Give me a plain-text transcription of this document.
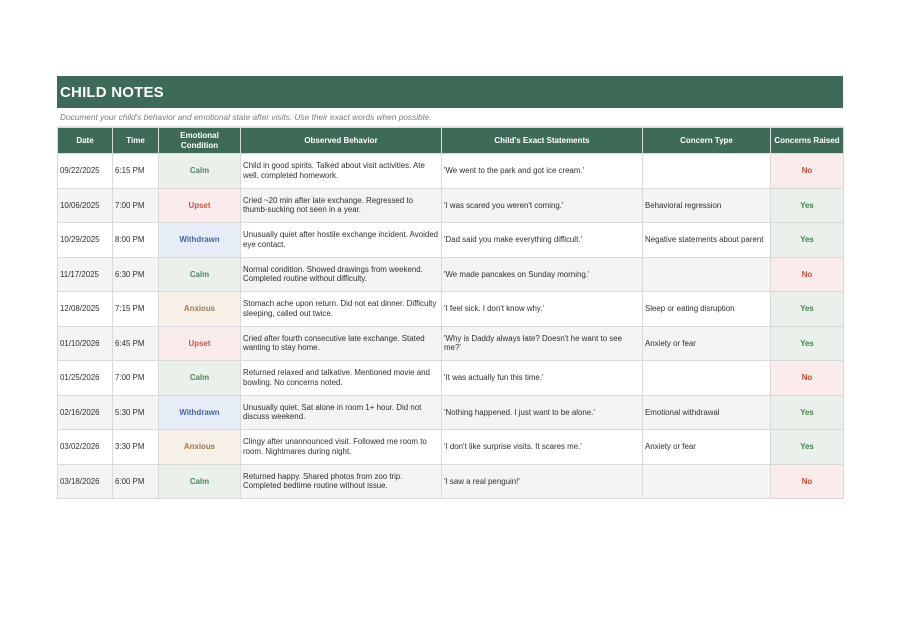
CHILD NOTES
Document your child's behavior and emotional state after visits. Use their exact words when possible.
Date	Time	Emotional Condition	Observed Behavior	Child's Exact Statements	Concern Type	Concerns Raised
09/22/2025	6:15 PM	Calm	Child in good spirits. Talked about visit activities. Ate well, completed homework.	'We went to the park and got ice cream.'		No
10/06/2025	7:00 PM	Upset	Cried ~20 min after late exchange. Regressed to thumb-sucking not seen in a year.	'I was scared you weren't coming.'	Behavioral regression	Yes
10/29/2025	8:00 PM	Withdrawn	Unusually quiet after hostile exchange incident. Avoided eye contact.	'Dad said you make everything difficult.'	Negative statements about parent	Yes
11/17/2025	6:30 PM	Calm	Normal condition. Showed drawings from weekend. Completed routine without difficulty.	'We made pancakes on Sunday morning.'		No
12/08/2025	7:15 PM	Anxious	Stomach ache upon return. Did not eat dinner. Difficulty sleeping, called out twice.	'I feel sick. I don't know why.'	Sleep or eating disruption	Yes
01/10/2026	6:45 PM	Upset	Cried after fourth consecutive late exchange. Stated wanting to stay home.	'Why is Daddy always late? Doesn't he want to see me?'	Anxiety or fear	Yes
01/25/2026	7:00 PM	Calm	Returned relaxed and talkative. Mentioned movie and bowling. No concerns noted.	'It was actually fun this time.'		No
02/16/2026	5:30 PM	Withdrawn	Unusually quiet. Sat alone in room 1+ hour. Did not discuss weekend.	'Nothing happened. I just want to be alone.'	Emotional withdrawal	Yes
03/02/2026	3:30 PM	Anxious	Clingy after unannounced visit. Followed me room to room. Nightmares during night.	'I don't like surprise visits. It scares me.'	Anxiety or fear	Yes
03/18/2026	6:00 PM	Calm	Returned happy. Shared photos from zoo trip. Completed bedtime routine without issue.	'I saw a real penguin!'		No
